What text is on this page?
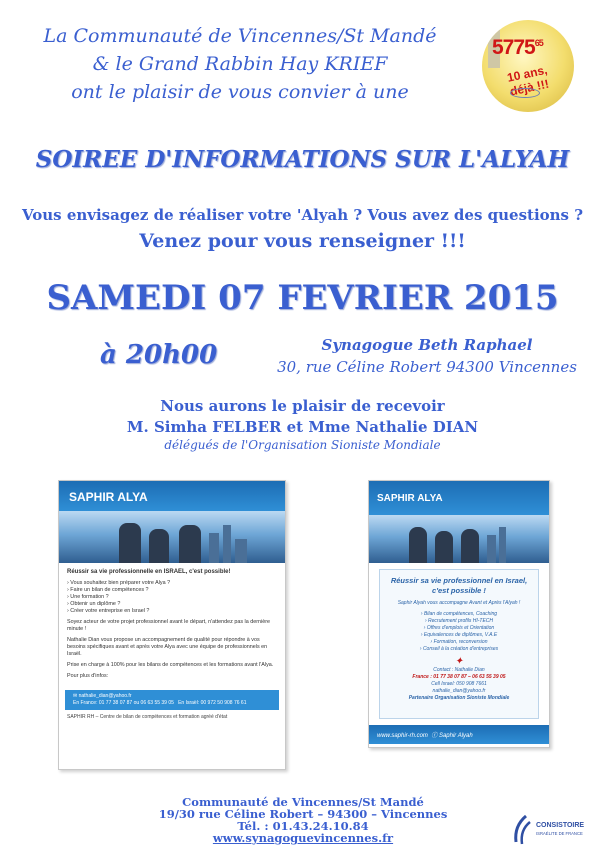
La Communauté de Vincennes/St Mandé
& le Grand Rabbin Hay KRIEF
ont le plaisir de vous convier à une
5775$^{65}$
10 ans, déjà !!!
SOIREE D'INFORMATIONS SUR L'ALYAH
Vous envisagez de réaliser votre 'Alyah ? Vous avez des questions ?
Venez pour vous renseigner !!!
SAMEDI 07 FEVRIER 2015
à 20h00	Synagogue Beth Raphael
30, rue Céline Robert 94300 Vincennes
Nous aurons le plaisir de recevoir
M. Simha FELBER et Mme Nathalie DIAN
délégués de l'Organisation Sioniste Mondiale
SAPHIR ALYA
Réussir sa vie professionnelle en ISRAEL, c'est possible!

› Vous souhaitez bien préparer votre Alya ?
› Faire un bilan de compétences ?
› Une formation ?
› Obtenir un diplôme ?
› Créer votre entreprise en Israel ?

Soyez acteur de votre projet professionnel avant le départ, n'attendez pas la dernière minute !

Nathalie Dian vous propose un accompagnement de qualité pour répondre à vos besoins spécifiques avant et après votre Alya avec une équipe de professionnels en Israël.

Prise en charge à 100% pour les bilans de compétences et les formations avant l'Alya.

Pour plus d'infos:

✉ nathalie_dian@yahoo.fr
En France: 01 77 38 07 87 ou 06 63 55 39 05 En Israël: 00 972 50 908 76 61
SAPHIR RH – Centre de bilan de compétences et formation agréé d'état
SAPHIR ALYA
Réussir sa vie professionnel en Israel, c'est possible !
Saphir Alyah vous accompagne Avant et Après l'Alyah !
› Bilan de compétences, Coaching
› Recrutement profils HI-TECH
› Offres d'emplois et Orientation
› Equivalences de diplômes, V.A.E
› Formation, reconversion
› Conseil à la création d'entreprises
✦
Contact : Nathalie Dian
France : 01 77 38 07 87 – 06 63 55 39 05
Cell Israel: 050 908 7661
nathalie_dian@yahoo.fr
Partenaire Organisation Sioniste Mondiale
www.saphir-rh.com ⓕ Saphir Alyah
Communauté de Vincennes/St Mandé
19/30 rue Céline Robert – 94300 – Vincennes
Tél. : 01.43.24.10.84
www.synagoguevincennes.fr
CONSISTOIRE
ISRAÉLITE DE FRANCE
